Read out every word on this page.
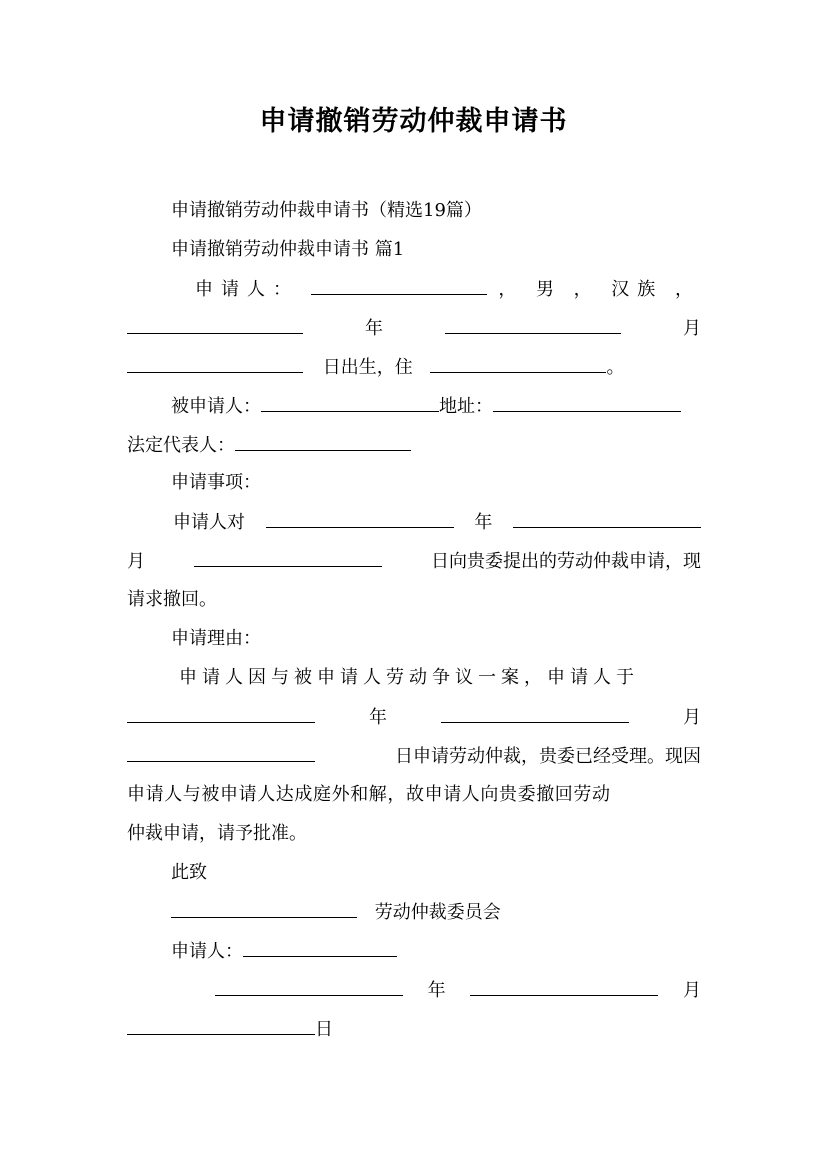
申请撤销劳动仲裁申请书
申请撤销劳动仲裁申请书（精选19篇）
申请撤销劳动仲裁申请书 篇1
申请人：	， 男 ， 汉族 ，
年	月
日出生，住	。
被申请人：	地址：
法定代表人：
申请事项：
申请人对	年
月	日向贵委提出的劳动仲裁申请，现
请求撤回。
申请理由：
申请人因与被申请人劳动争议一案，申请人于
年	月
日申请劳动仲裁，贵委已经受理。现因
申请人与被申请人达成庭外和解，故申请人向贵委撤回劳动
仲裁申请，请予批准。
此致
劳动仲裁委员会
申请人：
年	月
日
